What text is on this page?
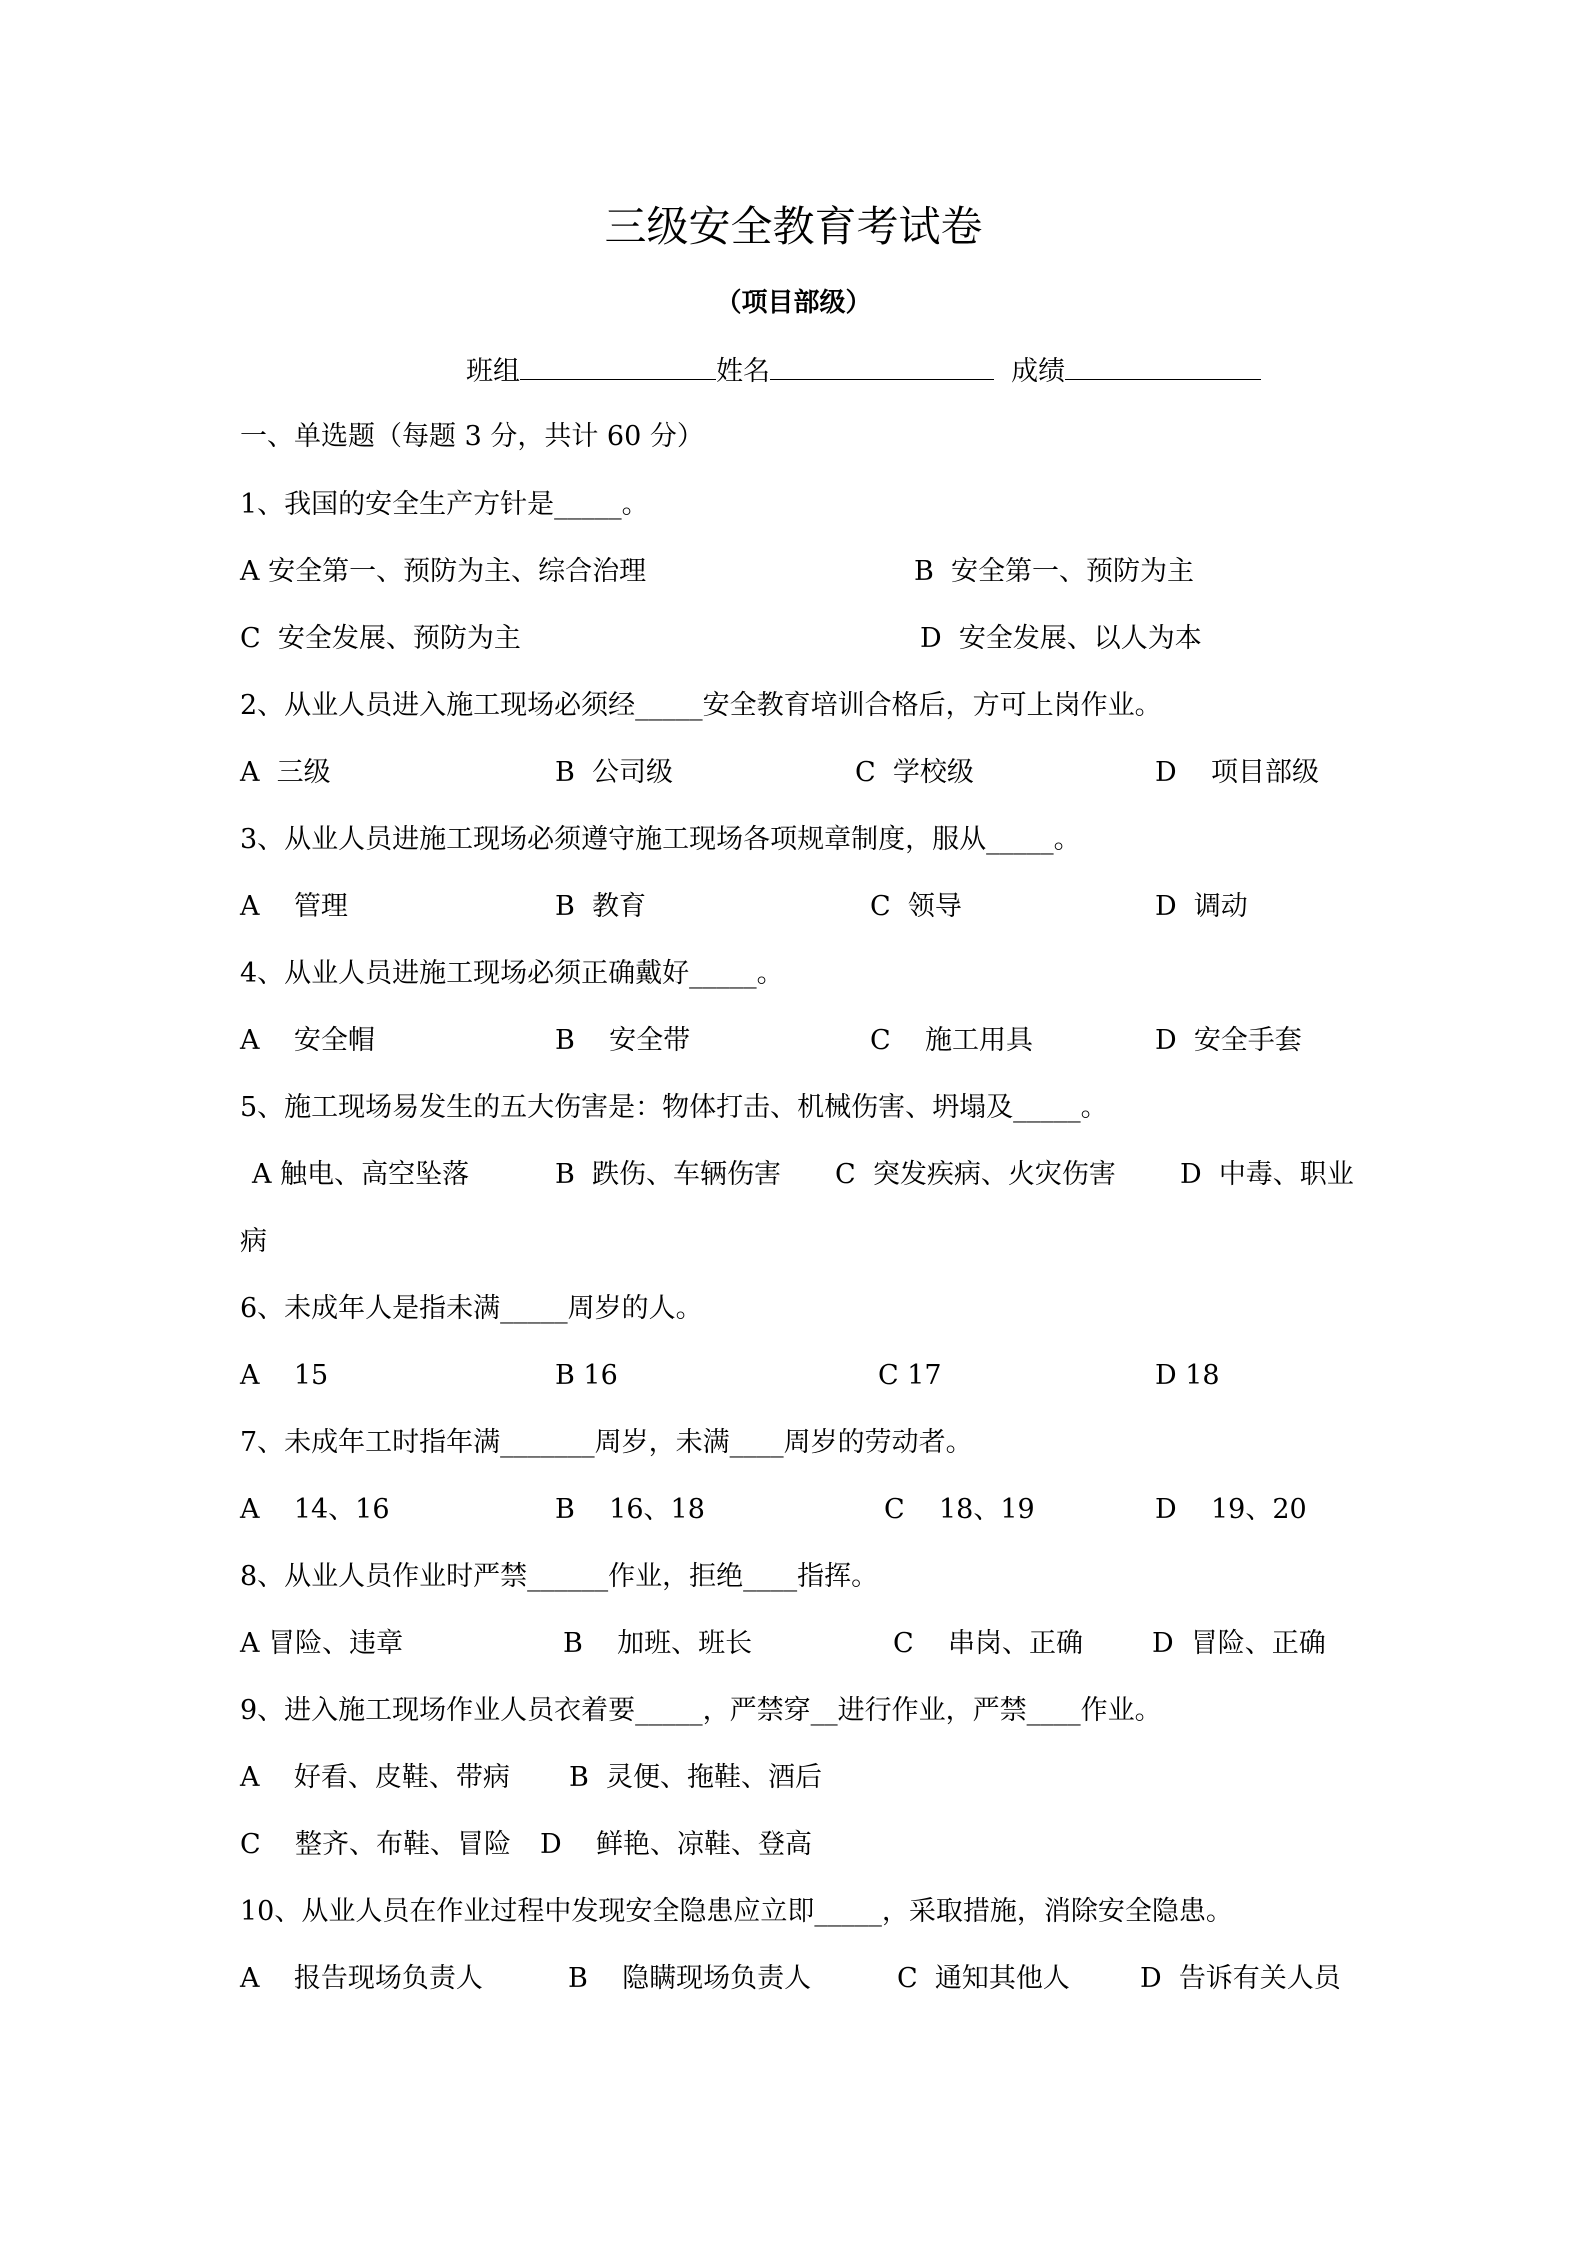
三级安全教育考试卷
（项目部级）
班组	姓名	成绩
一、单选题（每题 3 分，共计 60 分）
1、我国的安全生产方针是_____。
A 安全第一、预防为主、综合治理	B  安全第一、预防为主
C  安全发展、预防为主	D  安全发展、以人为本
2、从业人员进入施工现场必须经_____安全教育培训合格后，方可上岗作业。
A  三级	B  公司级	C  学校级	D    项目部级
3、从业人员进施工现场必须遵守施工现场各项规章制度，服从_____。
A    管理	B  教育	C  领导	D  调动
4、从业人员进施工现场必须正确戴好_____。
A    安全帽	B    安全带	C    施工用具	D  安全手套
5、施工现场易发生的五大伤害是：物体打击、机械伤害、坍塌及_____。
A 触电、高空坠落	B  跌伤、车辆伤害 C  突发疾病、火灾伤害 D  中毒、职业
病
6、未成年人是指未满_____周岁的人。
A    15	B 16	C 17	D 18
7、未成年工时指年满_______周岁，未满____周岁的劳动者。
A    14、16	B    16、18	C    18、19	D    19、20
8、从业人员作业时严禁______作业，拒绝____指挥。
A 冒险、违章	B    加班、班长	C    串岗、正确	D  冒险、正确
9、进入施工现场作业人员衣着要_____，严禁穿__进行作业，严禁____作业。
A    好看、皮鞋、带病 B  灵便、拖鞋、酒后
C    整齐、布鞋、冒险 D    鲜艳、凉鞋、登高
10、从业人员在作业过程中发现安全隐患应立即_____，采取措施，消除安全隐患。
A    报告现场负责人	B    隐瞒现场负责人	C  通知其他人	D  告诉有关人员
